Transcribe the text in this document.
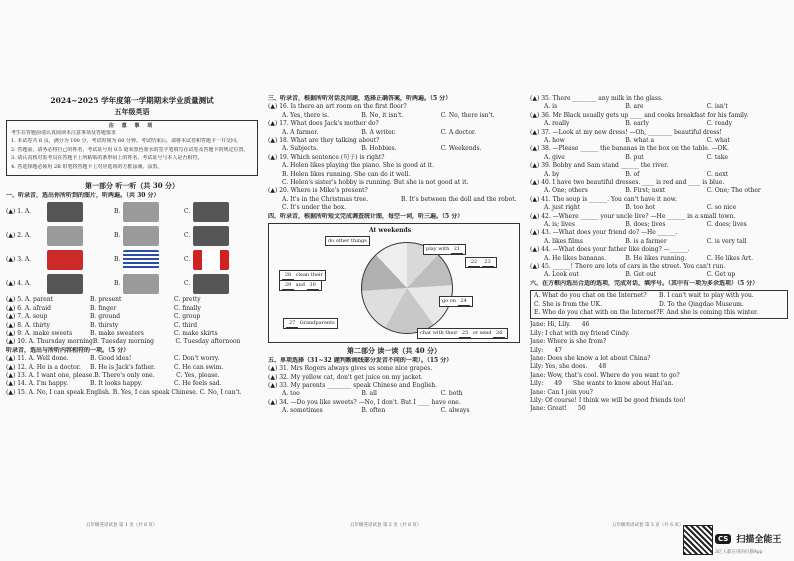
2024~2025 学年度第一学期期末学业质量测试
五年级英语
注 意 事 项
考生在答题前请认真阅读本注意事项及答题要求
1. 本试卷共 6 页，满分为 100 分，考试时间为 60 分钟。考试结束后，请将本试卷和答题卡一并交回。
2. 答题前，请务必将自己的姓名、考试证号用 0.5 毫米黑色墨水的签字笔填写在试卷及答题卡的规定位置。
3. 请认真核对监考员在答题卡上所粘贴的条形码上的姓名、考试证号与本人是否相符。
4. 答选择题必须用 2B 铅笔将答题卡上对应选项的方框涂满、涂黑。
第一部分 听一听（共 30 分）
一、听录音，选出你所听到的图片，听两遍。（共 30 分）
(▲) 1. A.	B.	C.
(▲) 2. A.	B.	C.
(▲) 3. A.	B.	C.
(▲) 4. A.	B.	C.
(▲) 5. A. parent	B. present	C. pretty
(▲) 6. A. afraid	B. finger	C. finally
(▲) 7. A. soup	B. ground	C. group
(▲) 8. A. thirty	B. thirsty	C. third
(▲) 9. A. make sweets	B. make sweaters	C. make skirts
(▲) 10. A. Thursday morning B. Tuesday morning	C. Tuesday afternoon
听录音，选出与所听内容相符的一项。（5 分）
(▲) 11. A. Well done.	B. Good idea!	C. Don't worry.
(▲) 12. A. He is a doctor.	B. He is Jack's father.	C. He can swim.
(▲) 13. A. I want one, please. B. There's only one.	C. Yes, please.
(▲) 14. A. I'm happy.	B. It looks happy.	C. He feels sad.
(▲) 15. A. No, I can speak English. B. Yes, I can speak Chinese. C. No, I can't.
三、听录音，根据所听对话及问题，选择正确答案，听两遍。（5 分）
(▲) 16. Is there an art room on the first floor?
A. Yes, there is.	B. No, it isn't.	C. No, there isn't.
(▲) 17. What does Jack's mother do?
A. A farmer.	B. A writer.	C. A doctor.
(▲) 18. What are they talking about?
A. Subjects.	B. Hobbies.	C. Weekends.
(▲) 19. Which sentence (句子) is right?
A. Helen likes playing the piano. She is good at it.
B. Helen likes running. She can do it well.
C. Helen's sister's hobby is running. But she is not good at it.
(▲) 20. Where is Mike's present?
A. It's in the Christmas tree.	B. It's between the doll and the robot.
C. It's under the box.
四、听录音，根据所听短文完成调查统计图，每空一词，听三遍。（5 分）
At weekends
do other things
play with 21
22 23
28 clean their
29 and 30
go on 24
27 Grandparents
chat with their 25 or send 26
第二部分 读一读（共 40 分）
五、单项选择（31~32 题判断画线部分发音不同的一项）。（15 分）
(▲) 31. Mrs Rogers always gives us some nice grapes.
(▲) 32. My yellow cat, don't get juice on my jacket.
(▲) 33. My parents ________ speak Chinese and English.
A. too	B. all	C. both
(▲) 34. —Do you like sweets? —No, I don't. But I ____ have one.
A. sometimes	B. often	C. always
(▲) 35. There ________ any milk in the glass.
A. is	B. are	C. isn't
(▲) 36. Mr Black usually gets up ____ and cooks breakfast for his family.
A. really	B. early	C. ready
(▲) 37. —Look at my new dress! —Oh, ________ beautiful dress!
A. how	B. what a	C. what
(▲) 38. —Please ______ the bananas in the box on the table. —OK.
A. give	B. put	C. take
(▲) 39. Bobby and Sam stand ______ the river.
A. by	B. of	C. next
(▲) 40. I have two beautiful dresses. ____ is red and ____ is blue.
A. One; others	B. First; next	C. One; The other
(▲) 41. The soup is ______. You can't have it now.
A. just right	B. too hot	C. so nice
(▲) 42. —Where ______ your uncle live? —He ______ in a small town.
A. is; lives	B. does; lives	C. does; lives
(▲) 43. —What does your friend do? —He ______.
A. likes films	B. is a farmer	C. is very tall
(▲) 44. —What does your father like doing? —______.
A. He likes bananas.	B. He likes running.	C. He likes Art.
(▲) 45. ______! There are lots of cars in the street. You can't run.
A. Look out	B. Get out	C. Get up
六、在方框内选出合适的选项，完成对话，填序号。（其中有一项为多余选项）（5 分）
A. What do you chat on the Internet?	B. I can't wait to play with you.
C. She is from the UK.	D. To the Qingdao Museum.
E. Who do you chat with on the Internet? F. And she is coming this winter.
Jane: Hi, Lily. 46
Lily: I chat with my friend Cindy.
Jane: Where is she from?
Lily: 47
Jane: Does she know a lot about China?
Lily: Yes, she does. 48
Jane: Wow, that's cool. Where do you want to go?
Lily: 49 She wants to know about Hai'an.
Jane: Can I join you?
Lily: Of course! I think we will be good friends too!
Jane: Great! 50
五年级英语试卷 第 1 页（共 6 页）	五年级英语试卷 第 2 页（共 6 页）	五年级英语试卷 第 3 页（共 6 页）
CS 扫描全能王
3亿人都在用的扫描App
